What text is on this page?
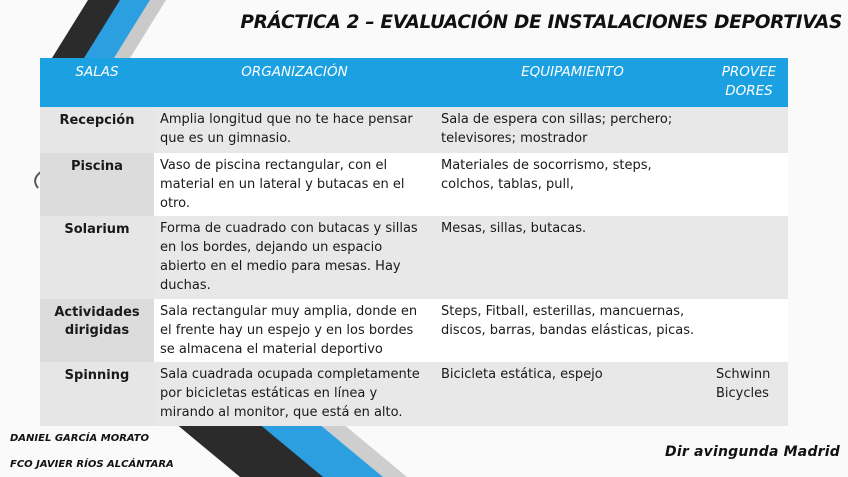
PRÁCTICA 2 – EVALUACIÓN DE INSTALACIONES DEPORTIVAS
SALAS	ORGANIZACIÓN	EQUIPAMIENTO	PROVEE DORES
Recepción	Amplia longitud que no te hace pensar que es un gimnasio.	Sala de espera con sillas; perchero; televisores; mostrador	
Piscina	Vaso de piscina rectangular, con el material en un lateral y butacas en el otro.	Materiales de socorrismo, steps, colchos, tablas, pull,	
Solarium	Forma de cuadrado con butacas y sillas en los bordes, dejando un espacio abierto en el medio para mesas. Hay duchas.	Mesas, sillas, butacas.	
Actividades dirigidas	Sala rectangular muy amplia, donde en el frente hay un espejo y en los bordes se almacena el material deportivo	Steps, Fitball, esterillas, mancuernas, discos, barras, bandas elásticas, picas.	
Spinning	Sala cuadrada ocupada completamente por bicicletas estáticas en línea y mirando al monitor, que está en alto.	Bicicleta estática, espejo	Schwinn Bicycles
DANIEL GARCÍA MORATO
FCO JAVIER RÍOS ALCÁNTARA
Dir avingunda Madrid
